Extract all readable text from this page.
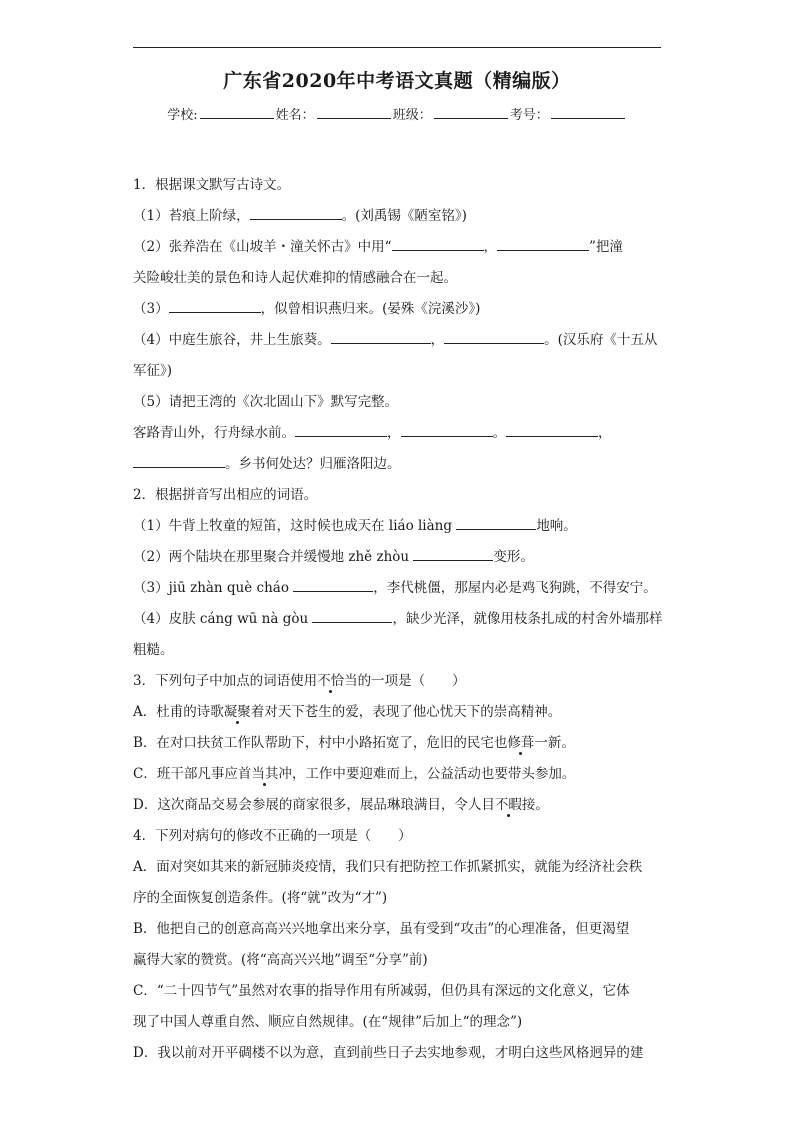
广东省2020年中考语文真题（精编版）
学校:	姓名：	班级：	考号：
1．根据课文默写古诗文。
（1）苔痕上阶绿，	。(刘禹锡《陋室铭》)
（2）张养浩在《山坡羊・潼关怀古》中用“	，	”把潼
关险峻壮美的景色和诗人起伏难抑的情感融合在一起。
（3）	，似曾相识燕归来。(晏殊《浣溪沙》)
（4）中庭生旅谷，井上生旅葵。	，	。(汉乐府《十五从
军征》)
（5）请把王湾的《次北固山下》默写完整。
客路青山外，行舟绿水前。	，	。	，
。乡书何处达？归雁洛阳边。
2．根据拼音写出相应的词语。
（1）牛背上牧童的短笛，这时候也成天在 liáo liàng	地响。
（2）两个陆块在那里聚合并缓慢地 zhě zhòu	变形。
（3）jiū zhàn què cháo	，李代桃僵，那屋内必是鸡飞狗跳，不得安宁。
（4）皮肤 cáng wū nà gòu	，缺少光泽，就像用枝条扎成的村舍外墙那样
粗糙。
3．下列句子中加点的词语使用不恰当的一项是（　　）
A．杜甫的诗歌凝聚着对天下苍生的爱，表现了他心忧天下的崇高精神。
B．在对口扶贫工作队帮助下，村中小路拓宽了，危旧的民宅也修葺一新。
C．班干部凡事应首当其冲，工作中要迎难而上，公益活动也要带头参加。
D．这次商品交易会参展的商家很多，展品琳琅满目，令人目不暇接。
4．下列对病句的修改不正确的一项是（　　）
A．面对突如其来的新冠肺炎疫情，我们只有把防控工作抓紧抓实，就能为经济社会秩
序的全面恢复创造条件。(将“就”改为“才”)
B．他把自己的创意高高兴兴地拿出来分享，虽有受到“攻击”的心理准备，但更渴望
赢得大家的赞赏。(将“高高兴兴地”调至“分享”前)
C．“二十四节气”虽然对农事的指导作用有所减弱，但仍具有深远的文化意义，它体
现了中国人尊重自然、顺应自然规律。(在“规律”后加上“的理念”)
D．我以前对开平碉楼不以为意，直到前些日子去实地参观，才明白这些风格迥异的建
